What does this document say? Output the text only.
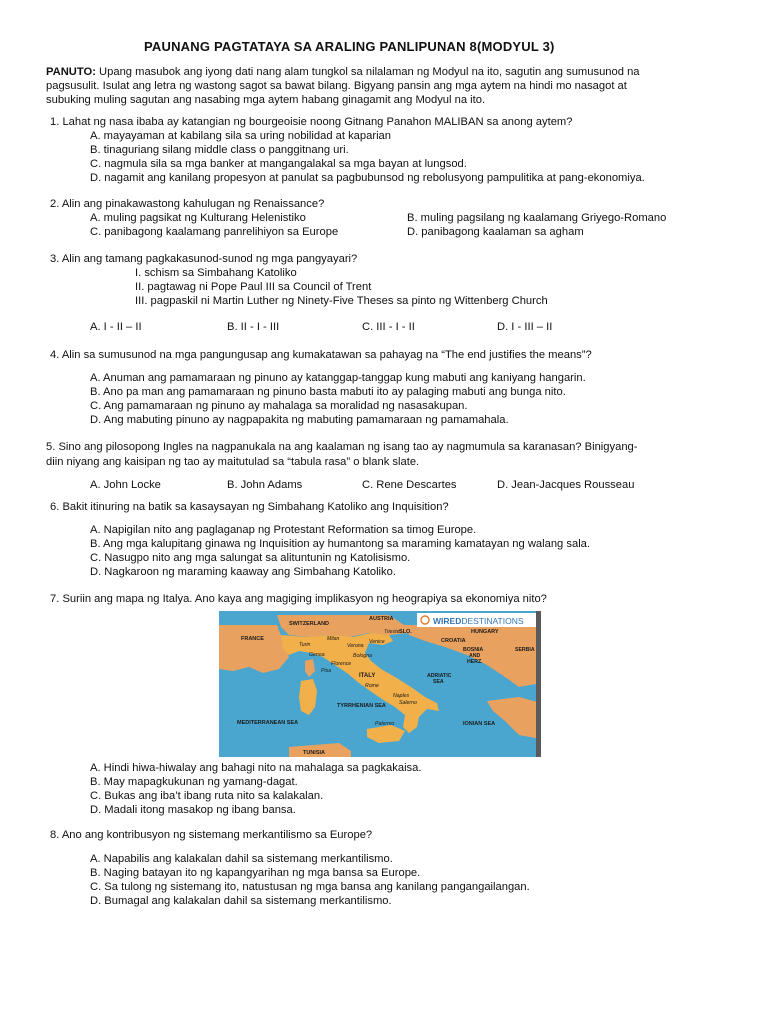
PAUNANG PAGTATAYA SA ARALING PANLIPUNAN 8(MODYUL 3)
PANUTO: Upang masubok ang iyong dati nang alam tungkol sa nilalaman ng Modyul na ito, sagutin ang sumusunod na
pagsusulit. Isulat ang letra ng wastong sagot sa bawat bilang. Bigyang pansin ang mga aytem na hindi mo nasagot at
subuking muling sagutan ang nasabing mga aytem habang ginagamit ang Modyul na ito.
1. Lahat ng nasa ibaba ay katangian ng bourgeoisie noong Gitnang Panahon MALIBAN sa anong aytem?
A. mayayaman at kabilang sila sa uring nobilidad at kaparian
B. tinaguriang silang middle class o panggitnang uri.
C. nagmula sila sa mga banker at mangangalakal sa mga bayan at lungsod.
D. nagamit ang kanilang propesyon at panulat sa pagbubunsod ng rebolusyong pampulitika at pang-ekonomiya.
2. Alin ang pinakawastong kahulugan ng Renaissance?
A. muling pagsikat ng Kulturang Helenistiko	B. muling pagsilang ng kaalamang Griyego-Romano
C. panibagong kaalamang panrelihiyon sa Europe	D. panibagong kaalaman sa agham
3. Alin ang tamang pagkakasunod-sunod ng mga pangyayari?
I. schism sa Simbahang Katoliko
II. pagtawag ni Pope Paul III sa Council of Trent
III. pagpaskil ni Martin Luther ng Ninety-Five Theses sa pinto ng Wittenberg Church
A. I - II – II	B. II - I - III	C. III - I - II	D. I - III – II
4. Alin sa sumusunod na mga pangungusap ang kumakatawan sa pahayag na “The end justifies the means”?
A. Anuman ang pamamaraan ng pinuno ay katanggap-tanggap kung mabuti ang kaniyang hangarin.
B. Ano pa man ang pamamaraan ng pinuno basta mabuti ito ay palaging mabuti ang bunga nito.
C. Ang pamamaraan ng pinuno ay mahalaga sa moralidad ng nasasakupan.
D. Ang mabuting pinuno ay nagpapakita ng mabuting pamamaraan ng pamamahala.
5. Sino ang pilosopong Ingles na nagpanukala na ang kaalaman ng isang tao ay nagmumula sa karanasan? Binigyang-
diin niyang ang kaisipan ng tao ay maitutulad sa “tabula rasa” o blank slate.
A. John Locke	B. John Adams	C. Rene Descartes	D. Jean-Jacques Rousseau
6. Bakit itinuring na batik sa kasaysayan ng Simbahang Katoliko ang Inquisition?
A. Napigilan nito ang paglaganap ng Protestant Reformation sa timog Europe.
B. Ang mga kalupitang ginawa ng Inquisition ay humantong sa maraming kamatayan ng walang sala.
C. Nasugpo nito ang mga salungat sa alituntunin ng Katolisismo.
D. Nagkaroon ng maraming kaaway ang Simbahang Katoliko.
7. Suriin ang mapa ng Italya. Ano kaya ang magiging implikasyon ng heograpiya sa ekonomiya nito?
WIREDDESTINATIONS
SWITZERLAND
AUSTRIA
FRANCE
SLO.	HUNGARY
CROATIA
BOSNIA
AND
HERZ.
SERBIA
Milan
Verona
Venice
Trieste
Turin
Genoa	Bologna
Florence
Pisa
ITALY	ADRIATIC
SEA
Rome
TYRRHENIAN SEA
Naples
Salerno
MEDITERRANEAN SEA	IONIAN SEA
Palermo
TUNISIA
A. Hindi hiwa-hiwalay ang bahagi nito na mahalaga sa pagkakaisa.
B. May mapagkukunan ng yamang-dagat.
C. Bukas ang iba’t ibang ruta nito sa kalakalan.
D. Madali itong masakop ng ibang bansa.
8. Ano ang kontribusyon ng sistemang merkantilismo sa Europe?
A. Napabilis ang kalakalan dahil sa sistemang merkantilismo.
B. Naging batayan ito ng kapangyarihan ng mga bansa sa Europe.
C. Sa tulong ng sistemang ito, natustusan ng mga bansa ang kanilang pangangailangan.
D. Bumagal ang kalakalan dahil sa sistemang merkantilismo.
